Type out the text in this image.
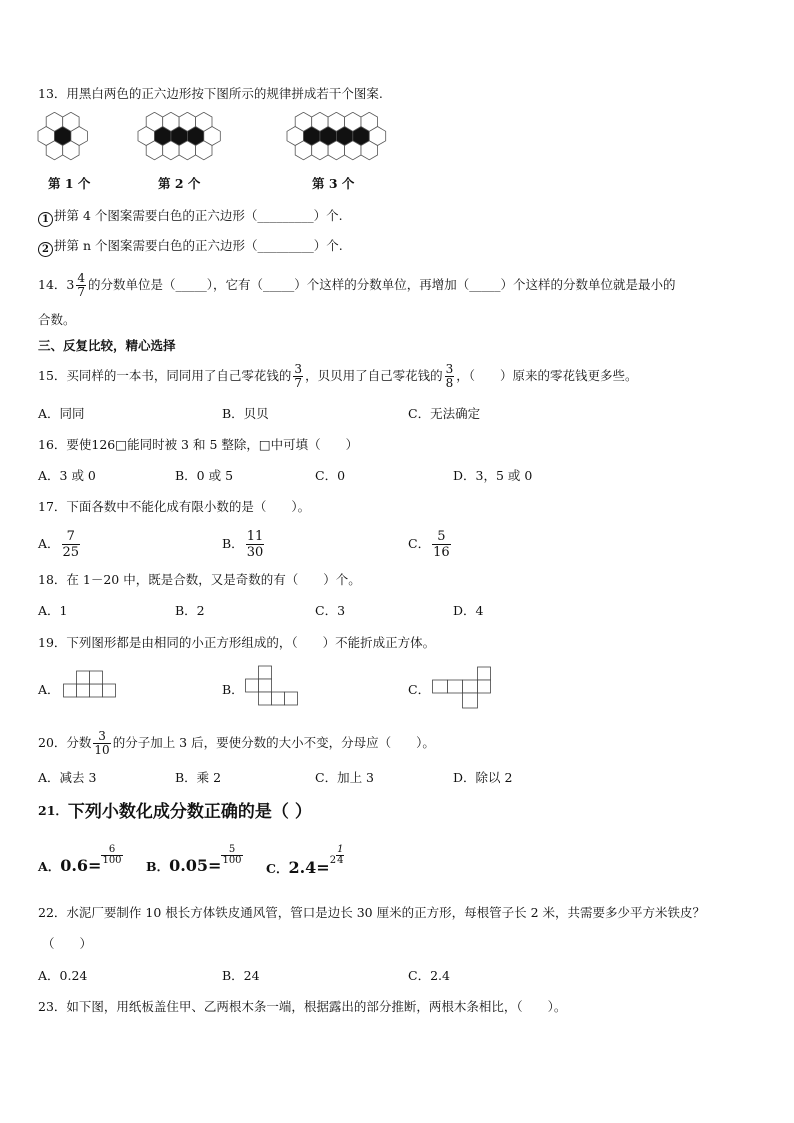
13．用黑白两色的正六边形按下图所示的规律拼成若干个图案.
第 1 个	第 2 个	第 3 个
1 拼第 4 个图案需要白色的正六边形（_________）个.
2 拼第 n 个图案需要白色的正六边形（_________）个.
14．$3 \frac{4}{7}$ 的分数单位是（_____），它有（_____）个这样的分数单位，再增加（_____）个这样的分数单位就是最小的
合数。
三、反复比较，精心选择
15．买同样的一本书，同同用了自己零花钱的 $\frac{3}{7}$ ，贝贝用了自己零花钱的 $\frac{3}{8}$ ，（　　）原来的零花钱更多些。
A．同同	B．贝贝	C．无法确定
16．要使126□能同时被 3 和 5 整除，□中可填（　　）
A．3 或 0	B．0 或 5	C．0	D．3，5 或 0
17．下面各数中不能化成有限小数的是（　　）。
A． $\frac{7}{25}$	B． $\frac{11}{30}$	C． $\frac{5}{16}$
18．在 1－20 中，既是合数，又是奇数的有（　　）个。
A．1	B．2	C．3	D．4
19．下列图形都是由相同的小正方形组成的，（　　）不能折成正方体。
A．	B．	C．
20．分数 $\frac{3}{10}$ 的分子加上 3 后，要使分数的大小不变，分母应（　　）。
A．减去 3	B．乘 2	C．加上 3	D．除以 2
21．下列小数化成分数正确的是（ ）
A．$0.6= \frac{6}{100}$
B．$0.05= \frac{5}{100}$
C．$2.4=^2 \frac{1}{4}$
22．水泥厂要制作 10 根长方体铁皮通风管，管口是边长 30 厘米的正方形，每根管子长 2 米，共需要多少平方米铁皮？
（　　）
A．0.24	B．24	C．2.4
23．如下图，用纸板盖住甲、乙两根木条一端，根据露出的部分推断，两根木条相比，（　　）。
